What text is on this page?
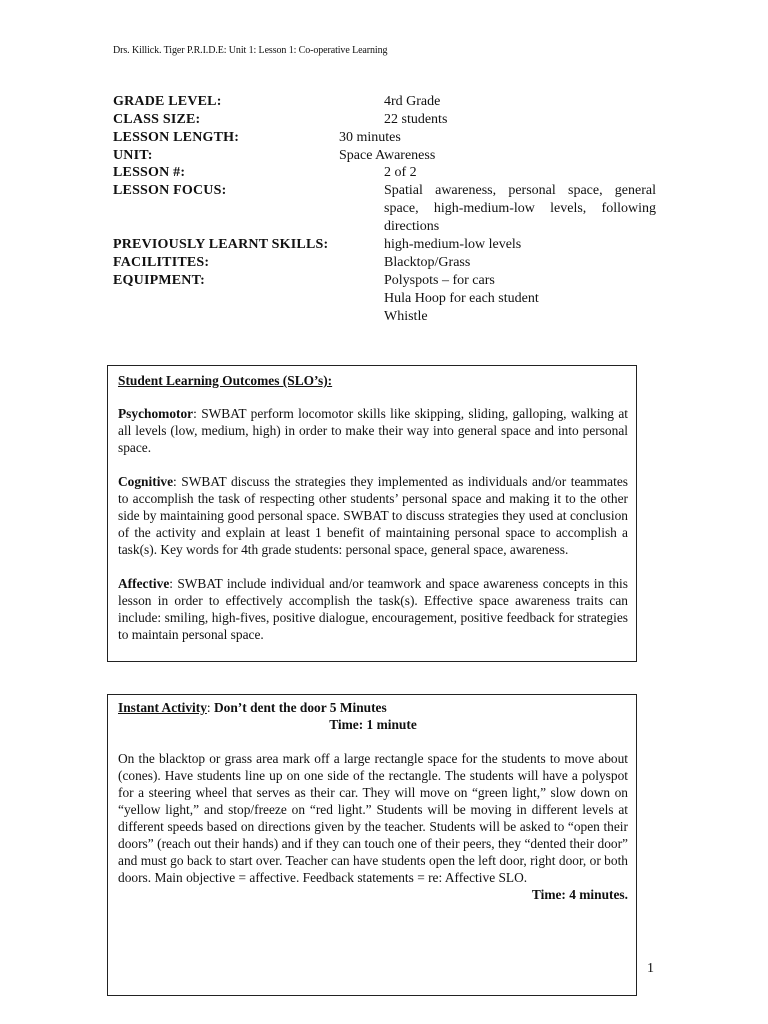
Drs. Killick. Tiger P.R.I.D.E: Unit 1: Lesson 1: Co-operative Learning
GRADE LEVEL:	4rd Grade
CLASS SIZE:	22 students
LESSON LENGTH:	30 minutes
UNIT:	Space Awareness
LESSON #:	2 of 2
LESSON FOCUS:	Spatial awareness, personal space, general space, high-medium-low levels, following directions
PREVIOUSLY LEARNT SKILLS:	high-medium-low levels
FACILITITES:	Blacktop/Grass
EQUIPMENT:	Polyspots – for cars
Hula Hoop for each student
Whistle

Student Learning Outcomes (SLO’s):

Psychomotor: SWBAT perform locomotor skills like skipping, sliding, galloping, walking at all levels (low, medium, high) in order to make their way into general space and into personal space.

Cognitive: SWBAT discuss the strategies they implemented as individuals and/or teammates to accomplish the task of respecting other students’ personal space and making it to the other side by maintaining good personal space. SWBAT to discuss strategies they used at conclusion of the activity and explain at least 1 benefit of maintaining personal space to accomplish a task(s). Key words for 4th grade students: personal space, general space, awareness.

Affective: SWBAT include individual and/or teamwork and space awareness concepts in this lesson in order to effectively accomplish the task(s). Effective space awareness traits can include: smiling, high-fives, positive dialogue, encouragement, positive feedback for strategies to maintain personal space.

Instant Activity: Don’t dent the door 5 Minutes

Time: 1 minute

On the blacktop or grass area mark off a large rectangle space for the students to move about (cones). Have students line up on one side of the rectangle. The students will have a polyspot for a steering wheel that serves as their car. They will move on “green light,” slow down on “yellow light,” and stop/freeze on “red light.” Students will be moving in different levels at different speeds based on directions given by the teacher. Students will be asked to “open their doors” (reach out their hands) and if they can touch one of their peers, they “dented their door” and must go back to start over. Teacher can have students open the left door, right door, or both doors. Main objective = affective. Feedback statements = re: Affective SLO.

Time: 4 minutes.

1
